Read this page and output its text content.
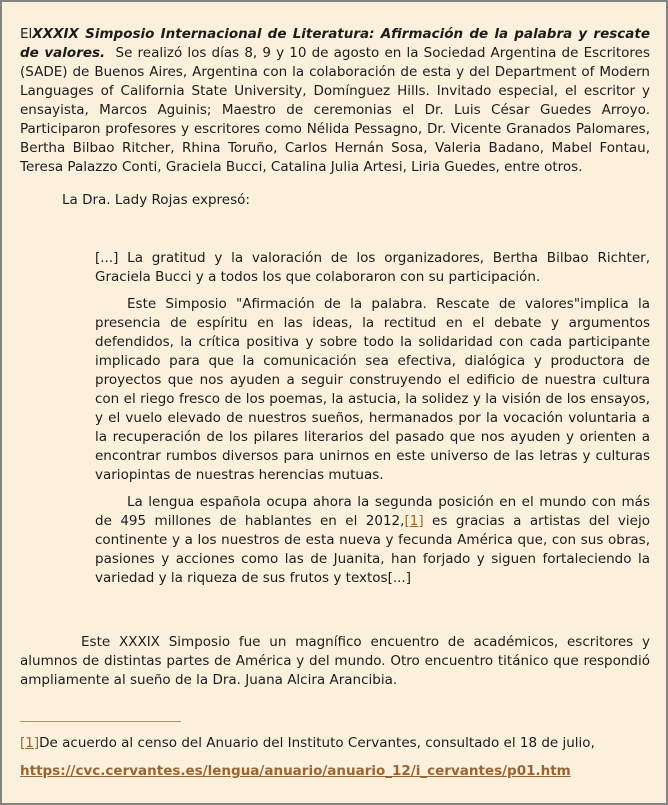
ElXXXIX Simposio Internacional de Literatura: Afirmación de la palabra y rescate de valores.  Se realizó los días 8, 9 y 10 de agosto en la Sociedad Argentina de Escritores (SADE) de Buenos Aires, Argentina con la colaboración de esta y del Department of Modern Languages of California State University, Domínguez Hills. Invitado especial, el escritor y ensayista, Marcos Aguinis; Maestro de ceremonias el Dr. Luis César Guedes Arroyo. Participaron profesores y escritores como Nélida Pessagno, Dr. Vicente Granados Palomares, Bertha Bilbao Ritcher, Rhina Toruño, Carlos Hernán Sosa, Valeria Badano, Mabel Fontau, Teresa Palazzo Conti, Graciela Bucci, Catalina Julia Artesi, Liria Guedes, entre otros.

La Dra. Lady Rojas expresó:

[...] La gratitud y la valoración de los organizadores, Bertha Bilbao Richter, Graciela Bucci y a todos los que colaboraron con su participación.

Este Simposio "Afirmación de la palabra. Rescate de valores"implica la presencia de espíritu en las ideas, la rectitud en el debate y argumentos defendidos, la crítica positiva y sobre todo la solidaridad con cada participante implicado para que la comunicación sea efectiva, dialógica y productora de proyectos que nos ayuden a seguir construyendo el edificio de nuestra cultura con el riego fresco de los poemas, la astucia, la solidez y la visión de los ensayos, y el vuelo elevado de nuestros sueños, hermanados por la vocación voluntaria a la recuperación de los pilares literarios del pasado que nos ayuden y orienten a encontrar rumbos diversos para unirnos en este universo de las letras y culturas variopintas de nuestras herencias mutuas.

La lengua española ocupa ahora la segunda posición en el mundo con más de 495 millones de hablantes en el 2012,[1] es gracias a artistas del viejo continente y a los nuestros de esta nueva y fecunda América que, con sus obras, pasiones y acciones como las de Juanita, han forjado y siguen fortaleciendo la variedad y la riqueza de sus frutos y textos[...]

Este XXXIX Simposio fue un magnífico encuentro de académicos, escritores y alumnos de distintas partes de América y del mundo. Otro encuentro titánico que respondió ampliamente al sueño de la Dra. Juana Alcira Arancibia.

[1]De acuerdo al censo del Anuario del Instituto Cervantes, consultado el 18 de julio,

https://cvc.cervantes.es/lengua/anuario/anuario_12/i_cervantes/p01.htm
